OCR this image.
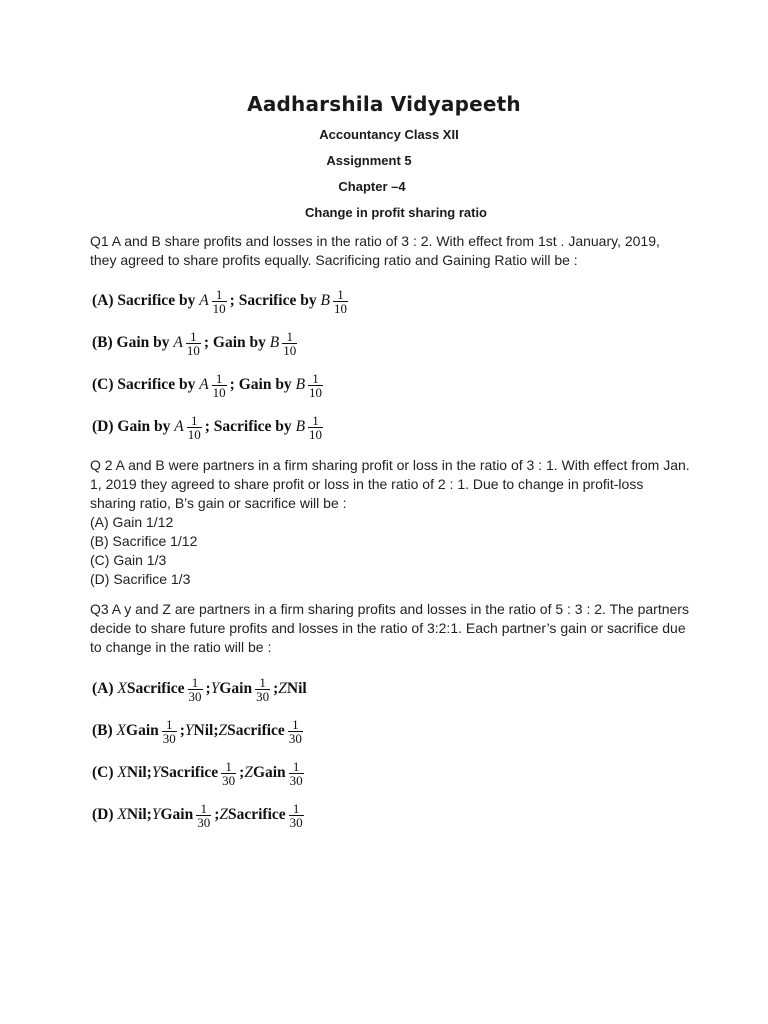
Aadharshila Vidyapeeth
Accountancy Class XII
Assignment 5
Chapter –4
Change in profit sharing ratio
Q1 A and B share profits and losses in the ratio of 3 : 2. With effect from 1st . January, 2019, they agreed to share profits equally. Sacrificing ratio and Gaining Ratio will be :
(A)
Sacrifice by
A $\frac{1}{10}$ ; Sacrifice by
B $\frac{1}{10}$
(B)
Gain by
A $\frac{1}{10}$ ; Gain by
B $\frac{1}{10}$
(C)
Sacrifice by
A $\frac{1}{10}$ ; Gain by
B $\frac{1}{10}$
(D)
Gain by
A $\frac{1}{10}$ ; Sacrifice by
B $\frac{1}{10}$
Q 2 A and B were partners in a firm sharing profit or loss in the ratio of 3 : 1. With effect from Jan. 1, 2019 they agreed to share profit or loss in the ratio of 2 : 1. Due to change in profit-loss sharing ratio, B’s gain or sacrifice will be :
(A) Gain 1/12
(B) Sacrifice 1/12
(C) Gain 1/3
(D) Sacrifice 1/3
Q3 A y and Z are partners in a firm sharing profits and losses in the ratio of 5 : 3 : 2. The partners decide to share future profits and losses in the ratio of 3:2:1. Each partner’s gain or sacrifice due to change in the ratio will be :
(A)
X Sacrifice $\frac{1}{30}$ ; Y Gain $\frac{1}{30}$ ; Z Nil
(B)
X Gain $\frac{1}{30}$ ; Y Nil; Z Sacrifice $\frac{1}{30}$
(C)
X Nil; Y Sacrifice $\frac{1}{30}$ ; Z Gain $\frac{1}{30}$
(D)
X Nil; Y Gain $\frac{1}{30}$ ; Z Sacrifice $\frac{1}{30}$
